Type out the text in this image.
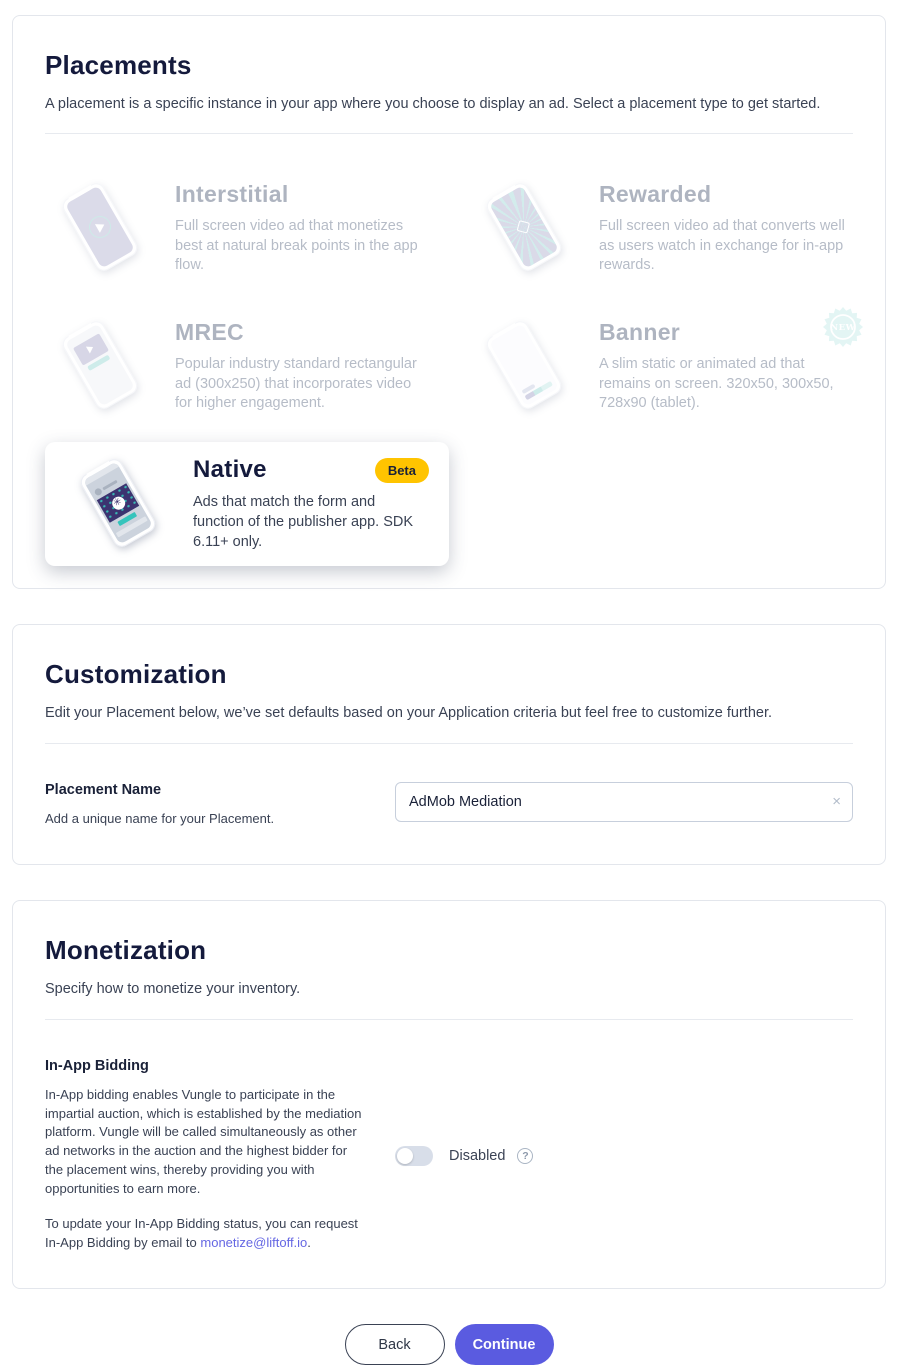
Placements

A placement is a specific instance in your app where you choose to display an ad. Select a placement type to get started.

Interstitial

Full screen video ad that monetizes best at natural break points in the app flow.

Rewarded

Full screen video ad that converts well as users watch in exchange for in-app rewards.

MREC

Popular industry standard rectangular ad (300x250) that incorporates video for higher engagement.

Banner	NEW

A slim static or animated ad that remains on screen. 320x50, 300x50, 728x90 (tablet).

✳
Native	Beta

Ads that match the form and function of the publisher app. SDK 6.11+ only.

Customization

Edit your Placement below, we’ve set defaults based on your Application criteria but feel free to customize further.

Placement Name

Add a unique name for your Placement.

AdMob Mediation
×
Monetization

Specify how to monetize your inventory.

In-App Bidding

In-App bidding enables Vungle to participate in the impartial auction, which is established by the mediation platform. Vungle will be called simultaneously as other ad networks in the auction and the highest bidder for the placement wins, thereby providing you with opportunities to earn more.

To update your In-App Bidding status, you can request In-App Bidding by email to monetize@liftoff.io.

Disabled	?
Back	Continue
